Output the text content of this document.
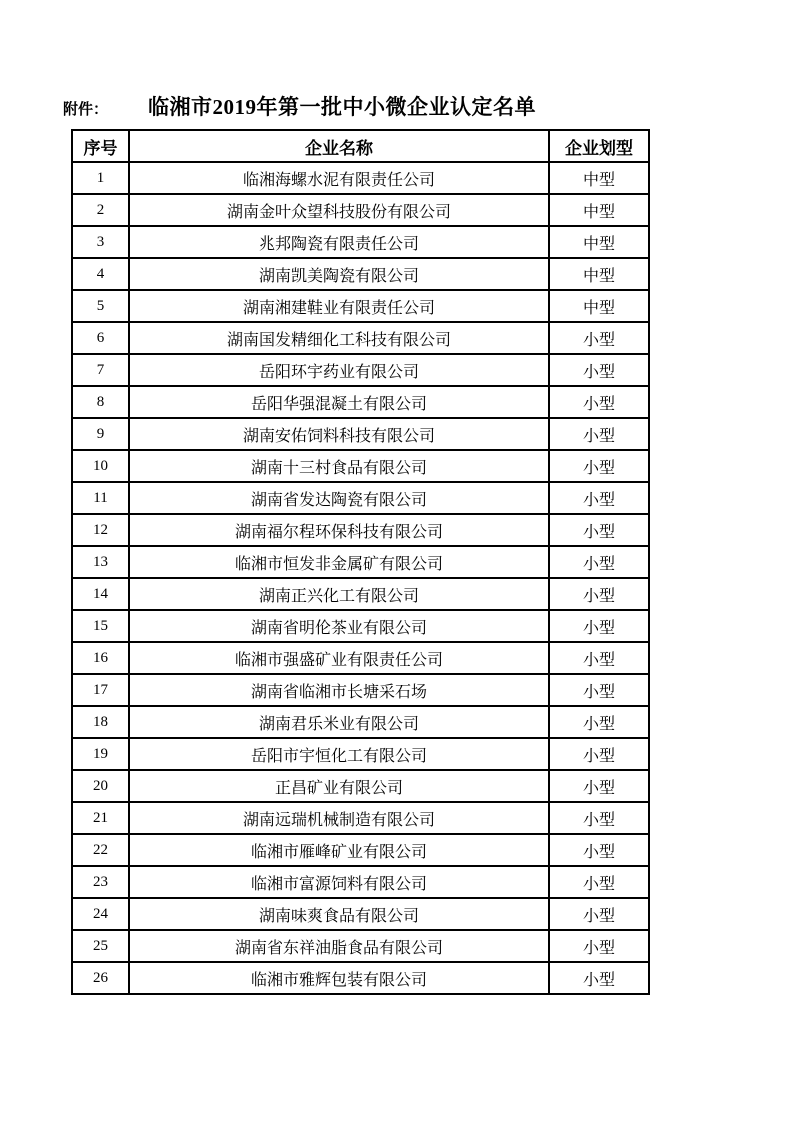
附件： 临湘市2019年第一批中小微企业认定名单
序号	企业名称	企业划型
1	临湘海螺水泥有限责任公司	中型
2	湖南金叶众望科技股份有限公司	中型
3	兆邦陶瓷有限责任公司	中型
4	湖南凯美陶瓷有限公司	中型
5	湖南湘建鞋业有限责任公司	中型
6	湖南国发精细化工科技有限公司	小型
7	岳阳环宇药业有限公司	小型
8	岳阳华强混凝土有限公司	小型
9	湖南安佑饲料科技有限公司	小型
10	湖南十三村食品有限公司	小型
11	湖南省发达陶瓷有限公司	小型
12	湖南福尔程环保科技有限公司	小型
13	临湘市恒发非金属矿有限公司	小型
14	湖南正兴化工有限公司	小型
15	湖南省明伦茶业有限公司	小型
16	临湘市强盛矿业有限责任公司	小型
17	湖南省临湘市长塘采石场	小型
18	湖南君乐米业有限公司	小型
19	岳阳市宇恒化工有限公司	小型
20	正昌矿业有限公司	小型
21	湖南远瑞机械制造有限公司	小型
22	临湘市雁峰矿业有限公司	小型
23	临湘市富源饲料有限公司	小型
24	湖南味爽食品有限公司	小型
25	湖南省东祥油脂食品有限公司	小型
26	临湘市雅辉包装有限公司	小型
